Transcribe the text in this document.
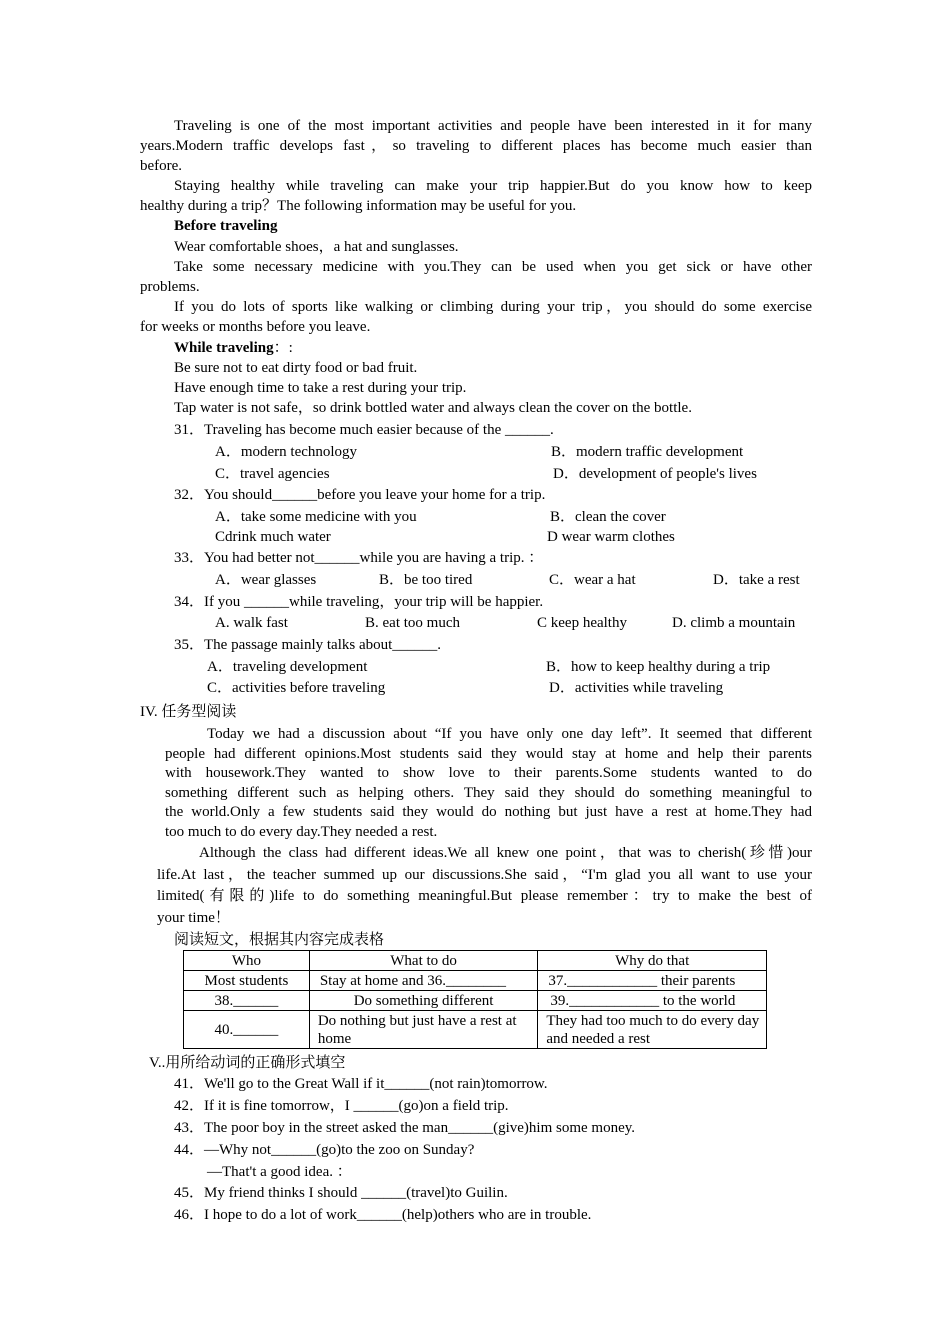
Traveling is one of the most important activities and people have been interested in it for many
years.Modern traffic develops fast，so traveling to different places has become much easier than
before.
Staying healthy while traveling can make your trip happier.But do you know how to keep
healthy during a trip？The following information may be useful for you.
Before traveling
Wear comfortable shoes，a hat and sunglasses.
Take some necessary medicine with you.They can be used when you get sick or have other
problems.
If you do lots of sports like walking or climbing during your trip，you should do some exercise
for weeks or months before you leave.
While traveling：:
Be sure not to eat dirty food or bad fruit.
Have enough time to take a rest during your trip.
Tap water is not safe，so drink bottled water and always clean the cover on the bottle.
31．Traveling has become much easier because of the ______.
A．modern technology	B．modern traffic development
C．travel agencies	D．development of people's lives
32．You should______before you leave your home for a trip.
A．take some medicine with you	B．clean the cover
Cdrink much water	D wear warm clothes
33．You had better not______while you are having a trip. ：
A．wear glasses	B．be too tired	C．wear a hat	D．take a rest
34．If you ______while traveling，your trip will be happier.
A. walk fast	B. eat too much	C keep healthy	D. climb a mountain
35．The passage mainly talks about______.
A．traveling development	B．how to keep healthy during a trip
C．activities before traveling	D．activities while traveling
IV. 任务型阅读
Today we had a discussion about “If you have only one day left”. It seemed that different
people had different opinions.Most students said they would stay at home and help their parents
with housework.They wanted to show love to their parents.Some students wanted to do
something different such as helping others. They said they should do something meaningful to
the world.Only a few students said they would do nothing but just have a rest at home.They had
too much to do every day.They needed a rest.
Although the class had different ideas.We all knew one point，that was to cherish(珍惜)our
life.At last，the teacher summed up our discussions.She said，“I'm glad you all want to use your
limited(有限的)life to do something meaningful.But please remember：try to make the best of
your time！
阅读短文，根据其内容完成表格
Who	What to do	Why do that
Most students	Stay at home and 36.________	37.____________ their parents
38.______	Do something different	39.____________ to the world
40.______	Do nothing but just have a rest at home	They had too much to do every day and needed a rest
V..用所给动词的正确形式填空
41．We'll go to the Great Wall if it______(not rain)tomorrow.
42．If it is fine tomorrow，I ______(go)on a field trip.
43．The poor boy in the street asked the man______(give)him some money.
44．—Why not______(go)to the zoo on Sunday?
—That't a good idea. ：
45．My friend thinks I should ______(travel)to Guilin.
46．I hope to do a lot of work______(help)others who are in trouble.
